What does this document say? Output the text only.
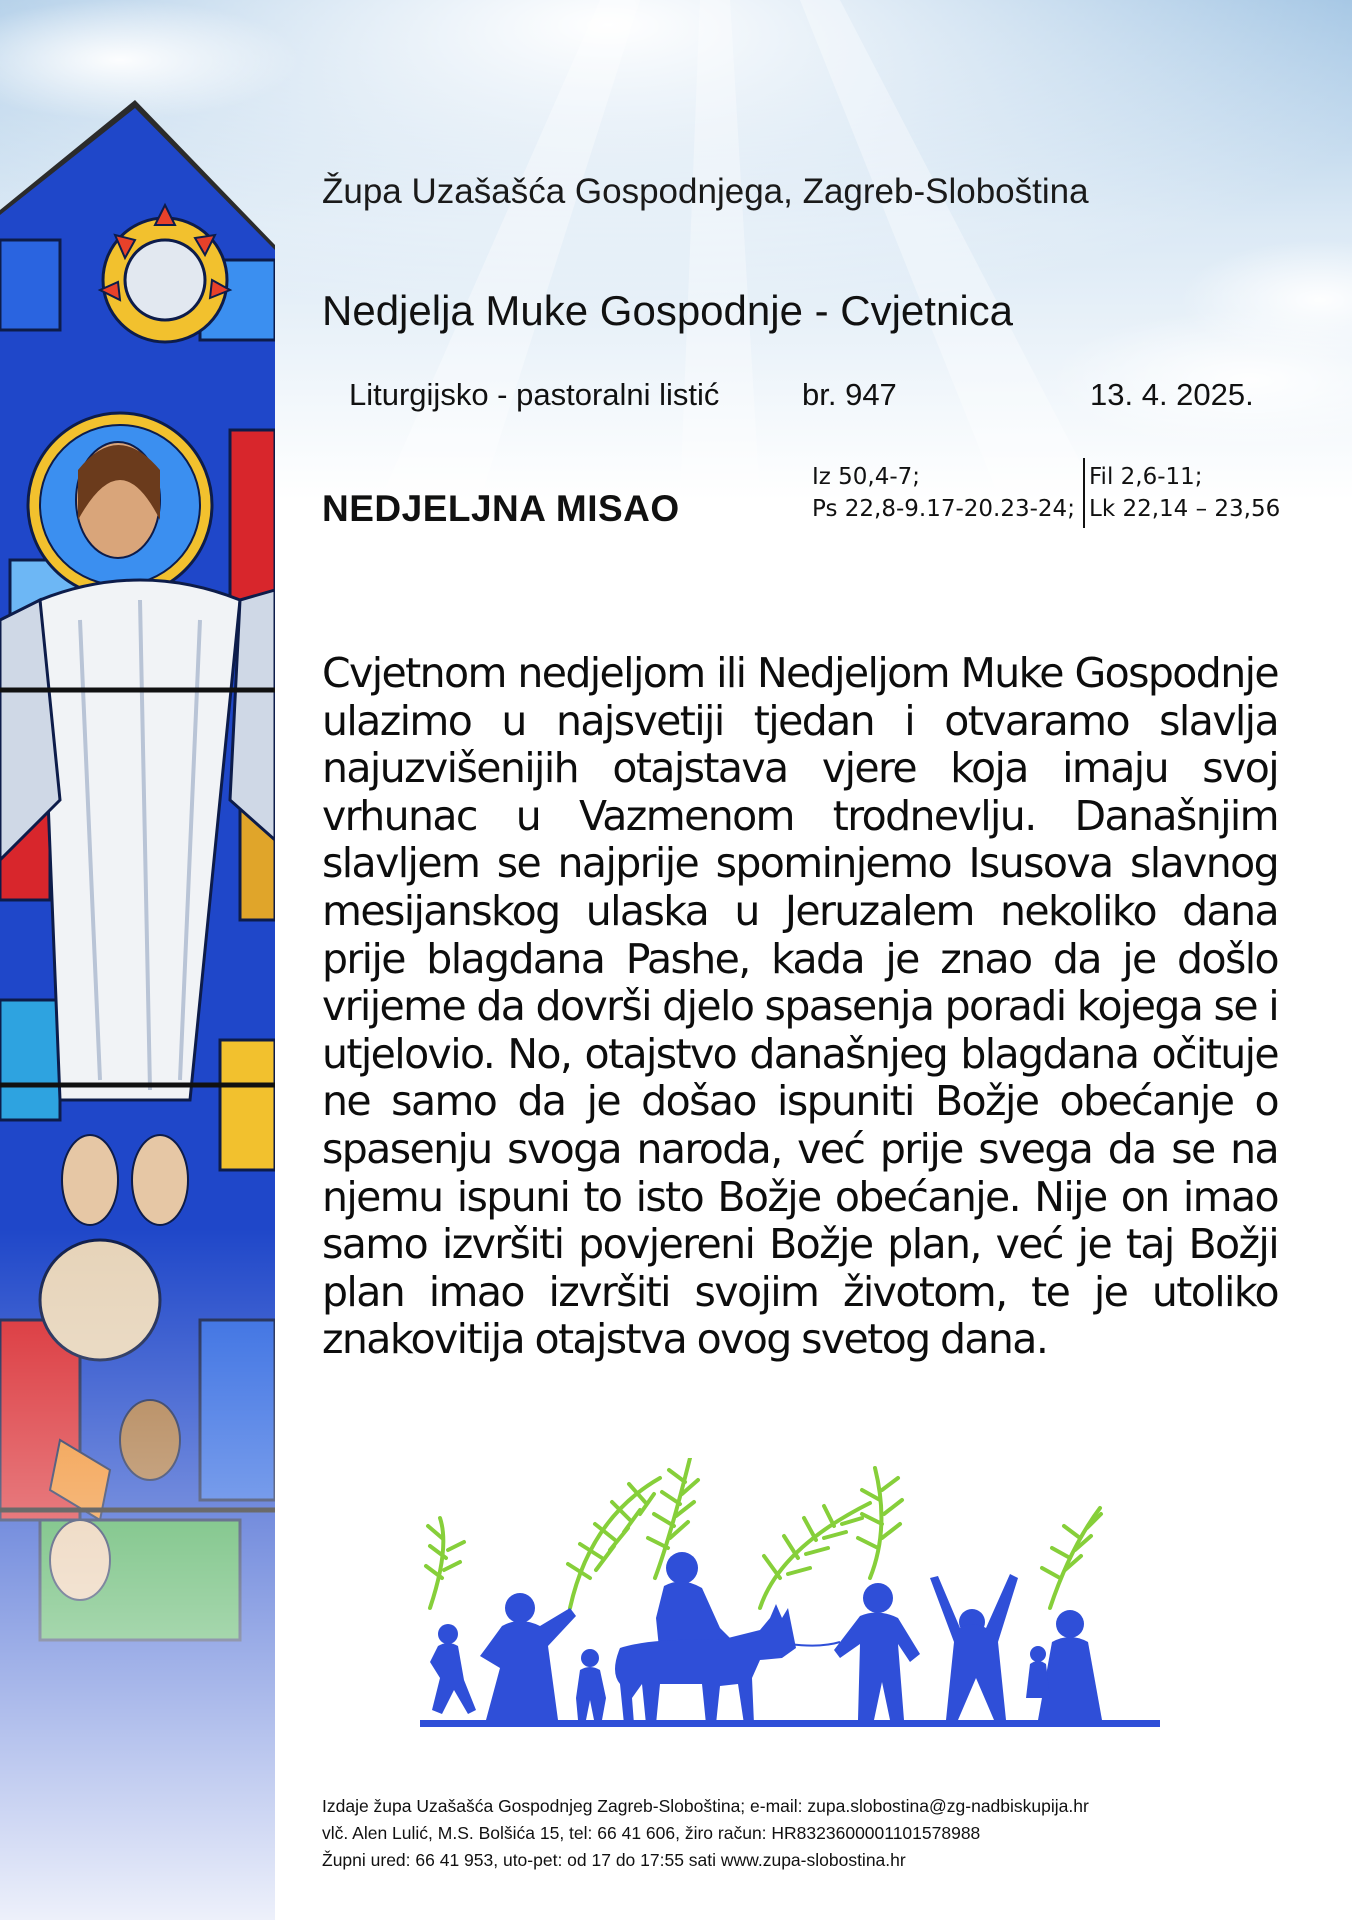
Župa Uzašašća Gospodnjega, Zagreb-Sloboština

Nedjelja Muke Gospodnje - Cvjetnica

Liturgijsko - pastoralni listić	br. 947	13. 4. 2025.

NEDJELJNA MISAO

Iz 50,4-7;

Ps 22,8-9.17-20.23-24;

Fil 2,6-11;

Lk 22,14 – 23,56

Cvjetnom nedjeljom ili Nedjeljom Muke Gospodnje ulazimo u najsvetiji tjedan i otvaramo slavlja najuzvišenijih otajstava vjere koja imaju svoj vrhunac u Vazmenom trodnevlju. Današnjim slavljem se najprije spominjemo Isusova slavnog mesijanskog ulaska u Jeruzalem nekoliko dana prije blagdana Pashe, kada je znao da je došlo vrijeme da dovrši djelo spasenja poradi kojega se i utjelovio. No, otajstvo današnjeg blagdana očituje ne samo da je došao ispuniti Božje obećanje o spasenju svoga naroda, već prije svega da se na njemu ispuni to isto Božje obećanje. Nije on imao samo izvršiti povjereni Božje plan, već je taj Božji plan imao izvršiti svojim životom, te je utoliko znakovitija otajstva ovog svetog dana.

Izdaje župa Uzašašća Gospodnjeg Zagreb-Sloboština; e-mail: zupa.slobostina@zg-nadbiskupija.hr

vlč. Alen Lulić, M.S. Bolšića 15, tel: 66 41 606, žiro račun: HR8323600001101578988

Župni ured: 66 41 953, uto-pet: od 17 do 17:55 sati www.zupa-slobostina.hr
